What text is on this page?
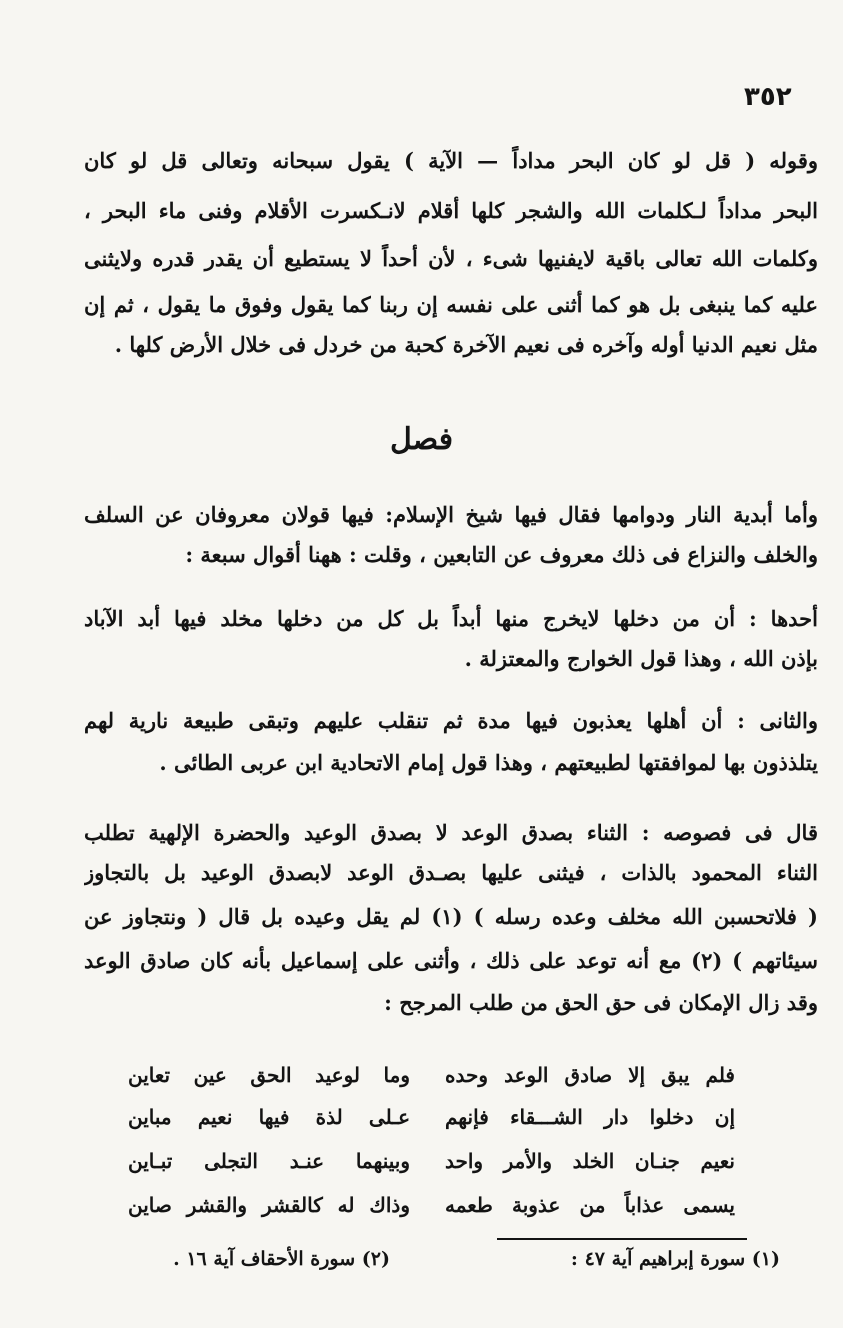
٣٥٢
وقوله ( قل لو كان البحر مداداً — الآية ) يقول سبحانه وتعالى قل لو كان
البحر مداداً لـكلمات الله والشجر كلها أقلام لانـكسرت الأقلام وفنى ماء البحر ،
وكلمات الله تعالى باقية لايفنيها شىء ، لأن أحداً لا يستطيع أن يقدر قدره ولايثنى
عليه كما ينبغى بل هو كما أثنى على نفسه إن ربنا كما يقول وفوق ما يقول ، ثم إن
مثل نعيم الدنيا أوله وآخره فى نعيم الآخرة كحبة من خردل فى خلال الأرض كلها .
فصل
وأما أبدية النار ودوامها فقال فيها شيخ الإسلام: فيها قولان معروفان عن السلف
والخلف والنزاع فى ذلك معروف عن التابعين ، وقلت : ههنا أقوال سبعة :
أحدها : أن من دخلها لايخرج منها أبداً بل كل من دخلها مخلد فيها أبد الآباد
بإذن الله ، وهذا قول الخوارج والمعتزلة .
والثانى : أن أهلها يعذبون فيها مدة ثم تنقلب عليهم وتبقى طبيعة نارية لهم
يتلذذون بها لموافقتها لطبيعتهم ، وهذا قول إمام الاتحادية ابن عربى الطائى .
قال فى فصوصه : الثناء بصدق الوعد لا بصدق الوعيد والحضرة الإلهية تطلب
الثناء المحمود بالذات ، فيثنى عليها بصـدق الوعد لابصدق الوعيد بل بالتجاوز
( فلاتحسبن الله مخلف وعده رسله ) (١) لم يقل وعيده بل قال ( ونتجاوز عن
سيئاتهم ) (٢) مع أنه توعد على ذلك ، وأثنى على إسماعيل بأنه كان صادق الوعد
وقد زال الإمكان فى حق الحق من طلب المرجح :
فلم يبق إلا صادق الوعد وحده
وما لوعيد الحق عين تعاين
إن دخلوا دار الشـــقاء فإنهم
عـلى لذة فيها نعيم مباين
نعيم جنـان الخلد والأمر واحد
وبينهما عنـد التجلى تبـاين
يسمى عذاباً من عذوبة طعمه
وذاك له كالقشر والقشر صاين
(١) سورة إبراهيم آية ٤٧ :
(٢) سورة الأحقاف آية ١٦ .
